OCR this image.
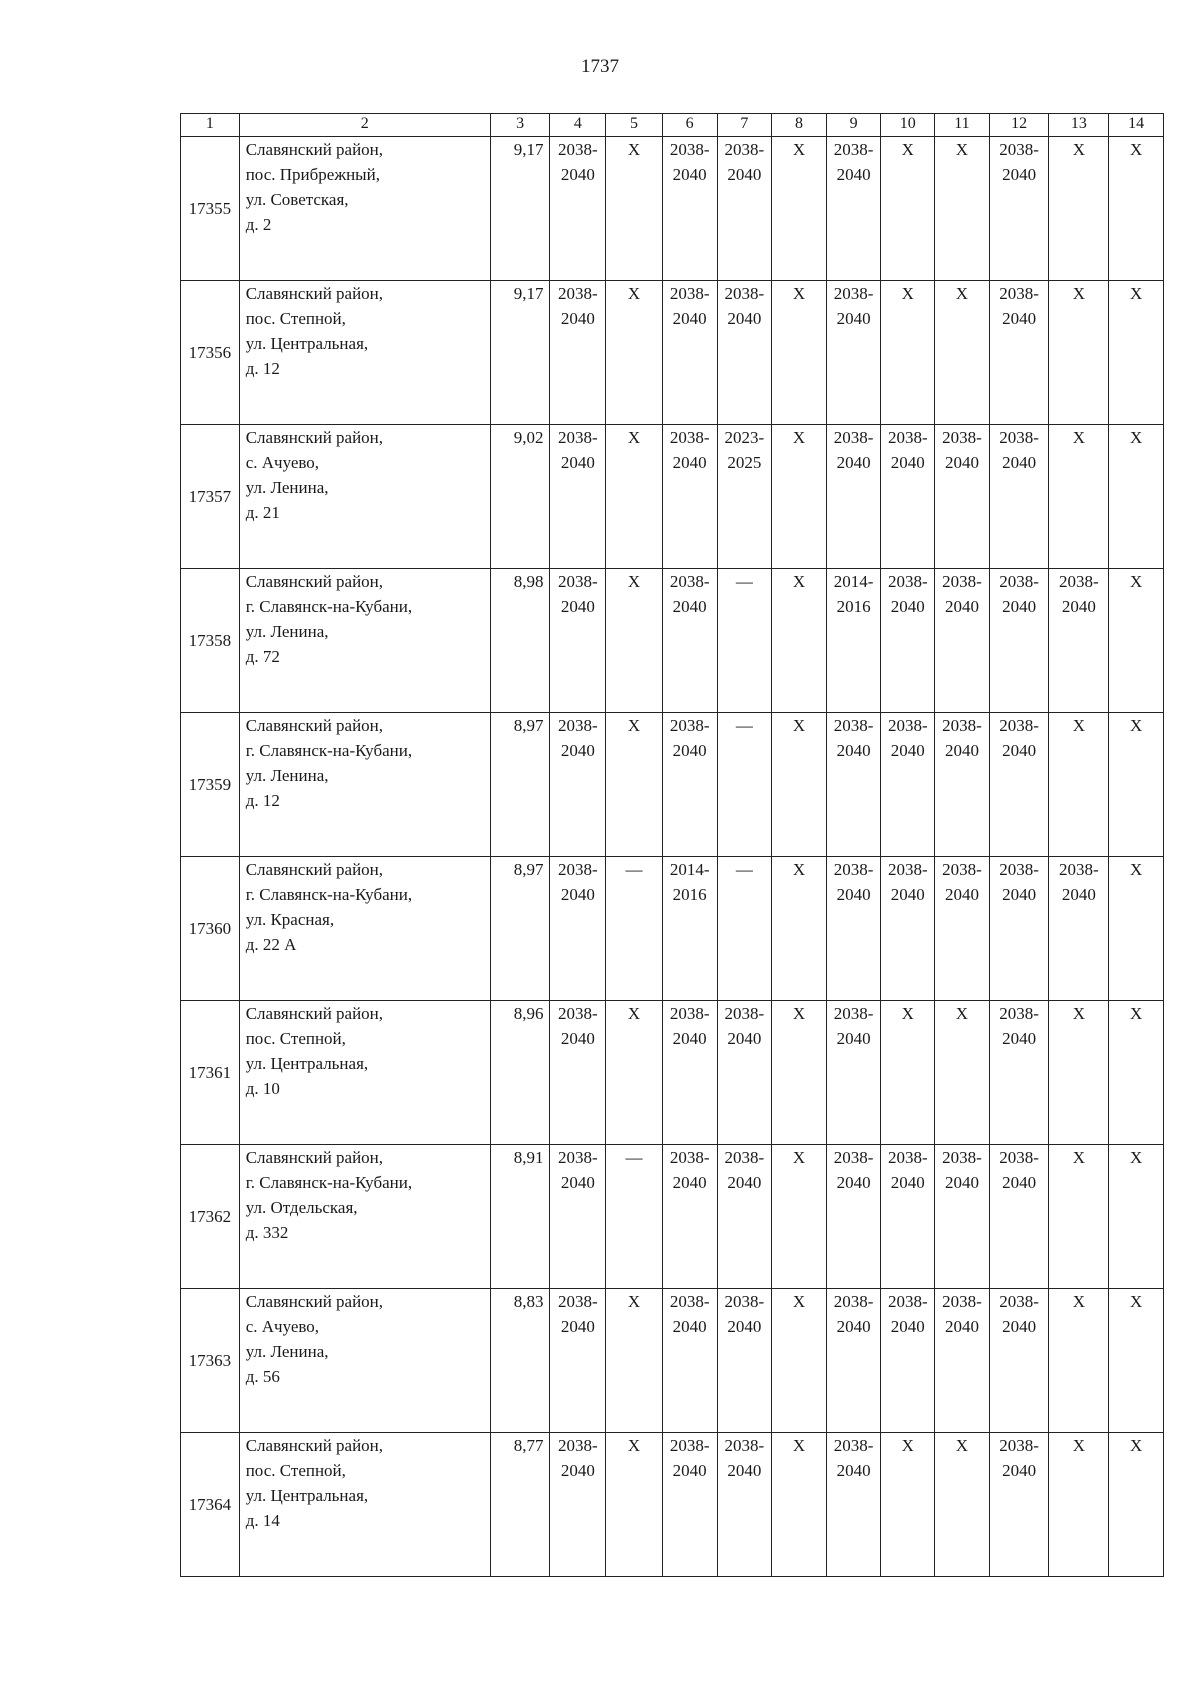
1737
1	2	3	4	5	6	7	8	9	10	11	12	13	14
17355	Славянский район,
пос. Прибрежный,
ул. Советская,
д. 2	9,17	2038-
2040	X	2038-
2040	2038-
2040	X	2038-
2040	X	X	2038-
2040	X	X

17356	Славянский район,
пос. Степной,
ул. Центральная,
д. 12	9,17	2038-
2040	X	2038-
2040	2038-
2040	X	2038-
2040	X	X	2038-
2040	X	X

17357	Славянский район,
с. Ачуево,
ул. Ленина,
д. 21	9,02	2038-
2040	X	2038-
2040	2023-
2025	X	2038-
2040	2038-
2040	2038-
2040	2038-
2040	X	X

17358	Славянский район,
г. Славянск-на-Кубани,
ул. Ленина,
д. 72	8,98	2038-
2040	X	2038-
2040	—	X	2014-
2016	2038-
2040	2038-
2040	2038-
2040	2038-
2040	X

17359	Славянский район,
г. Славянск-на-Кубани,
ул. Ленина,
д. 12	8,97	2038-
2040	X	2038-
2040	—	X	2038-
2040	2038-
2040	2038-
2040	2038-
2040	X	X

17360	Славянский район,
г. Славянск-на-Кубани,
ул. Красная,
д. 22 А	8,97	2038-
2040	—	2014-
2016	—	X	2038-
2040	2038-
2040	2038-
2040	2038-
2040	2038-
2040	X

17361	Славянский район,
пос. Степной,
ул. Центральная,
д. 10	8,96	2038-
2040	X	2038-
2040	2038-
2040	X	2038-
2040	X	X	2038-
2040	X	X

17362	Славянский район,
г. Славянск-на-Кубани,
ул. Отдельская,
д. 332	8,91	2038-
2040	—	2038-
2040	2038-
2040	X	2038-
2040	2038-
2040	2038-
2040	2038-
2040	X	X

17363	Славянский район,
с. Ачуево,
ул. Ленина,
д. 56	8,83	2038-
2040	X	2038-
2040	2038-
2040	X	2038-
2040	2038-
2040	2038-
2040	2038-
2040	X	X

17364	Славянский район,
пос. Степной,
ул. Центральная,
д. 14	8,77	2038-
2040	X	2038-
2040	2038-
2040	X	2038-
2040	X	X	2038-
2040	X	X
